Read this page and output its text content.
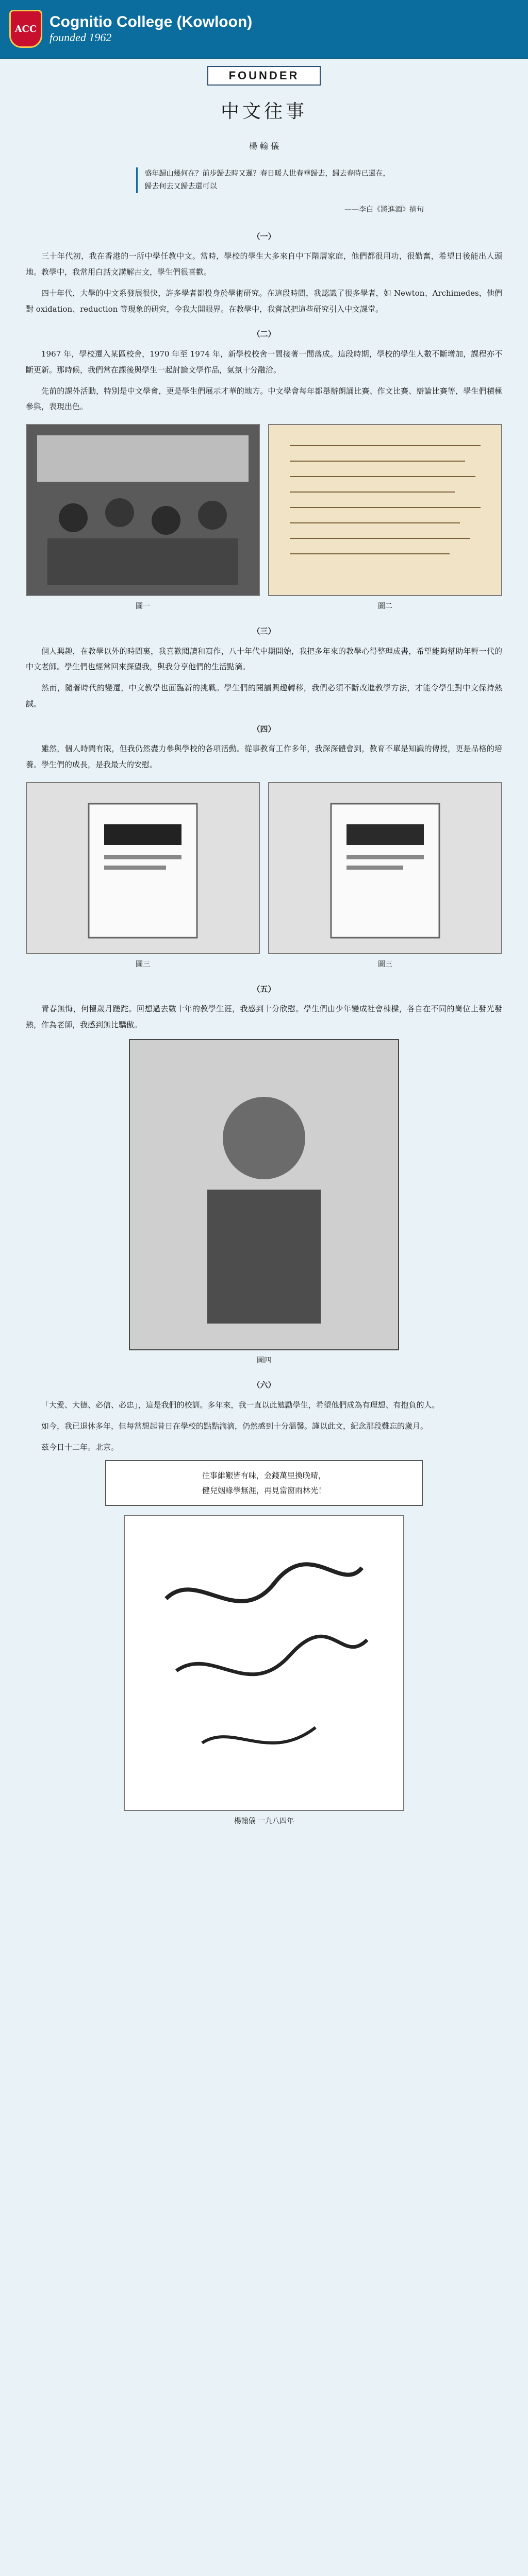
ACC Cognitio College (Kowloon)
founded 1962
FOUNDER
中文往事
楊 翰 儀
盛年歸山幾何在？前步歸去時又遲？春日暖人世春華歸去，歸去春時已還在，歸去何去又歸去還可以
——李白《將進酒》摘句
（一）

三十年代初，我在香港的一所中學任教中文。當時，學校的學生大多來自中下階層家庭，他們都很用功，很勤奮，希望日後能出人頭地。教學中，我常用白話文講解古文，學生們很喜歡。

四十年代，大學的中文系發展很快，許多學者都投身於學術研究。在這段時間，我認識了很多學者，如 Newton、Archimedes，他們對 oxidation、reduction 等現象的研究，令我大開眼界。在教學中，我嘗試把這些研究引入中文課堂。

（二）

1967 年，學校遷入某區校舍，1970 年至 1974 年，新學校校舍一間接著一間落成。這段時期，學校的學生人數不斷增加，課程亦不斷更新。那時候，我們常在課後與學生一起討論文學作品，氣氛十分融洽。

先前的課外活動，特別是中文學會，更是學生們展示才華的地方。中文學會每年都舉辦朗誦比賽、作文比賽、辯論比賽等，學生們積極參與，表現出色。

圖一	圖二
（三）

個人興趣，在教學以外的時間裏，我喜歡閱讀和寫作，八十年代中期開始，我把多年來的教學心得整理成書，希望能夠幫助年輕一代的中文老師。學生們也經常回來探望我，與我分享他們的生活點滴。

然而，隨著時代的變遷，中文教學也面臨新的挑戰。學生們的閱讀興趣轉移，我們必須不斷改進教學方法，才能令學生對中文保持熱誠。

（四）

雖然，個人時間有限，但我仍然盡力參與學校的各項活動。從事教育工作多年，我深深體會到，教育不單是知識的傳授，更是品格的培養。學生們的成長，是我最大的安慰。

圖三	圖三
（五）

青春無悔，何懼歲月蹉跎。回想過去數十年的教學生涯，我感到十分欣慰。學生們由少年變成社會棟樑，各自在不同的崗位上發光發熱，作為老師，我感到無比驕傲。

圖四
（六）

「大愛、大德、必信、必忠」，這是我們的校訓。多年來，我一直以此勉勵學生，希望他們成為有理想、有抱負的人。

如今，我已退休多年，但每當想起昔日在學校的點點滴滴，仍然感到十分溫馨。謹以此文，紀念那段難忘的歲月。

茲今日十二年。北京。

往事維艱皆有味，金錢萬里換晚晴，
健兒姻緣學無涯，再見當窗雨林光！
楊翰儀 一九八四年
